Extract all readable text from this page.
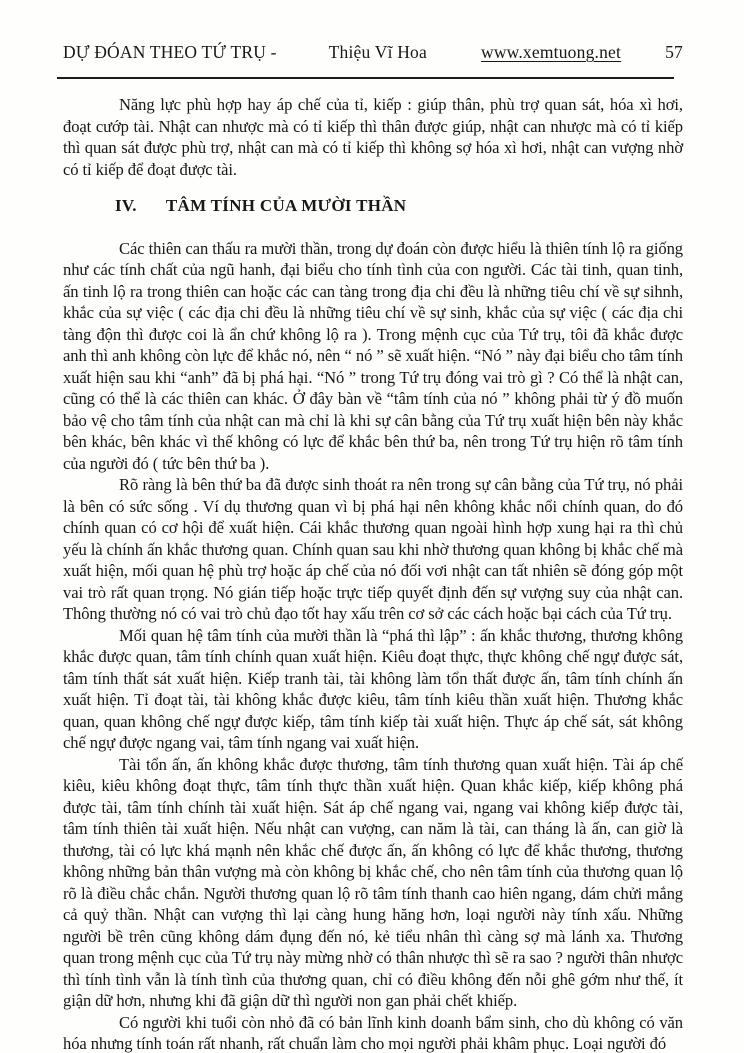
DỰ ĐÓAN THEO TỨ TRỤ -	Thiệu Vĩ Hoa	www.xemtuong.net	57

Năng lực phù hợp hay áp chế của tỉ, kiếp : giúp thân, phù trợ quan sát, hóa xì hơi, đoạt cướp tài. Nhật can nhược mà có tỉ kiếp thì thân được giúp, nhật can nhược mà có tỉ kiếp thì quan sát được phù trợ, nhật can mà có tỉ kiếp thì không sợ hóa xì hơi, nhật can vượng nhờ có tỉ kiếp để đoạt được tài.

IV. TÂM TÍNH CỦA MƯỜI THẦN

Các thiên can thấu ra mười thần, trong dự đoán còn được hiểu là thiên tính lộ ra giống như các tính chất của ngũ hanh, đại biểu cho tính tình của con người. Các tài tinh, quan tinh, ấn tinh lộ ra trong thiên can hoặc các can tàng trong địa chi đều là những tiêu chí về sự sihnh, khắc của sự việc ( các địa chi đều là những tiêu chí về sự sinh, khắc của sự việc ( các địa chi tàng độn thì được coi là ẩn chứ không lộ ra ). Trong mệnh cục của Tứ trụ, tôi đã khắc được anh thì anh không còn lực để khắc nó, nên “ nó ” sẽ xuất hiện. “Nó ” này đại biểu cho tâm tính xuất hiện sau khi “anh” đã bị phá hại. “Nó ” trong Tứ trụ đóng vai trò gì ? Có thể là nhật can, cũng có thể là các thiên can khác. Ở đây bàn về “tâm tính của nó ” không phải từ ý đồ muốn bảo vệ cho tâm tính của nhật can mà chỉ là khi sự cân bằng của Tứ trụ xuất hiện bên này khắc bên khác, bên khác vì thế không có lực để khắc bên thứ ba, nên trong Tứ trụ hiện rõ tâm tính của người đó ( tức bên thứ ba ).

Rõ ràng là bên thứ ba đã được sinh thoát ra nên trong sự cân bằng của Tứ trụ, nó phải là bên có sức sống . Ví dụ thương quan vì bị phá hại nên không khắc nổi chính quan, do đó chính quan có cơ hội để xuất hiện. Cái khắc thương quan ngoài hình hợp xung hại ra thì chủ yếu là chính ấn khắc thương quan. Chính quan sau khi nhờ thương quan không bị khắc chế mà xuất hiện, mối quan hệ phù trợ hoặc áp chế của nó đối vơi nhật can tất nhiên sẽ đóng góp một vai trò rất quan trọng. Nó gián tiếp hoặc trực tiếp quyết định đến sự vượng suy của nhật can. Thông thường nó có vai trò chủ đạo tốt hay xấu trên cơ sở các cách hoặc bại cách của Tứ trụ.

Mối quan hệ tâm tính của mười thần là “phá thì lập” : ấn khắc thương, thương không khắc được quan, tâm tính chính quan xuất hiện. Kiêu đoạt thực, thực không chế ngự được sát, tâm tính thất sát xuất hiện. Kiếp tranh tài, tài không làm tổn thất được ấn, tâm tính chính ấn xuất hiện. Tỉ đoạt tài, tài không khắc được kiêu, tâm tính kiêu thần xuất hiện. Thương khắc quan, quan không chế ngự được kiếp, tâm tính kiếp tài xuất hiện. Thực áp chế sát, sát không chế ngự được ngang vai, tâm tính ngang vai xuất hiện.

Tài tổn ấn, ấn không khắc được thương, tâm tính thương quan xuất hiện. Tài áp chế kiêu, kiêu không đoạt thực, tâm tính thực thần xuất hiện. Quan khắc kiếp, kiếp không phá được tài, tâm tính chính tài xuất hiện. Sát áp chế ngang vai, ngang vai không kiếp được tài, tâm tính thiên tài xuất hiện. Nếu nhật can vượng, can năm là tài, can tháng là ấn, can giờ là thương, tài có lực khá mạnh nên khắc chế được ấn, ấn không có lực để khắc thương, thương không những bản thân vượng mà còn không bị khắc chế, cho nên tâm tính của thương quan lộ rõ là điều chắc chắn. Người thương quan lộ rõ tâm tính thanh cao hiên ngang, dám chửi mắng cả quỷ thần. Nhật can vượng thì lại càng hung hăng hơn, loại người này tính xấu. Những người bề trên cũng không dám đụng đến nó, kẻ tiểu nhân thì càng sợ mà lánh xa. Thương quan trong mệnh cục của Tứ trụ này mừng nhờ có thân nhược thì sẽ ra sao ? người thân nhược thì tính tình vẫn là tính tình của thương quan, chỉ có điều không đến nỗi ghê gớm như thế, ít giận dữ hơn, nhưng khi đã giận dữ thì người non gan phải chết khiếp.

Có người khi tuổi còn nhỏ đã có bản lĩnh kinh doanh bẩm sinh, cho dù không có văn hóa nhưng tính toán rất nhanh, rất chuẩn làm cho mọi người phải khâm phục. Loại người đó
